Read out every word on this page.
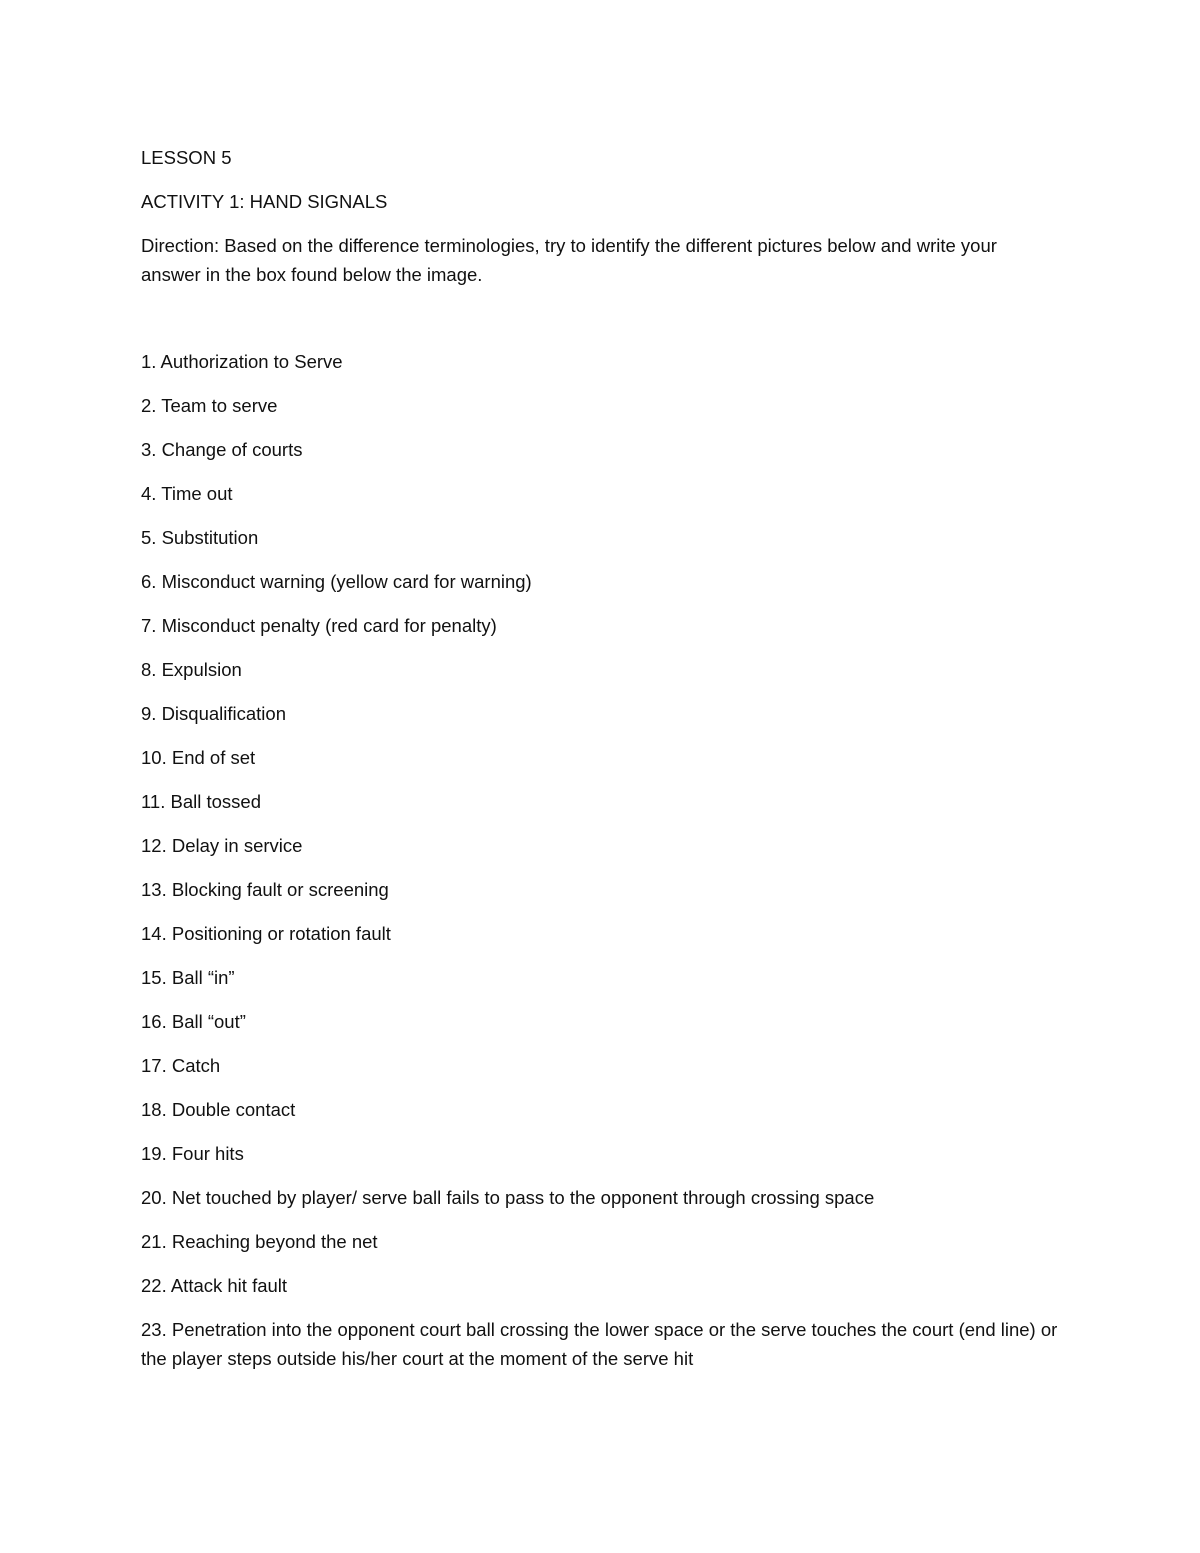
LESSON 5

ACTIVITY 1: HAND SIGNALS

Direction: Based on the difference terminologies, try to identify the different pictures below and write your answer in the box found below the image.

1. Authorization to Serve
2. Team to serve
3. Change of courts
4. Time out
5. Substitution
6. Misconduct warning (yellow card for warning)
7. Misconduct penalty (red card for penalty)
8. Expulsion
9. Disqualification
10. End of set
11. Ball tossed
12. Delay in service
13. Blocking fault or screening
14. Positioning or rotation fault
15. Ball “in”
16. Ball “out”
17. Catch
18. Double contact
19. Four hits
20. Net touched by player/ serve ball fails to pass to the opponent through crossing space
21. Reaching beyond the net
22. Attack hit fault
23. Penetration into the opponent court ball crossing the lower space or the serve touches the court (end line) or the player steps outside his/her court at the moment of the serve hit
